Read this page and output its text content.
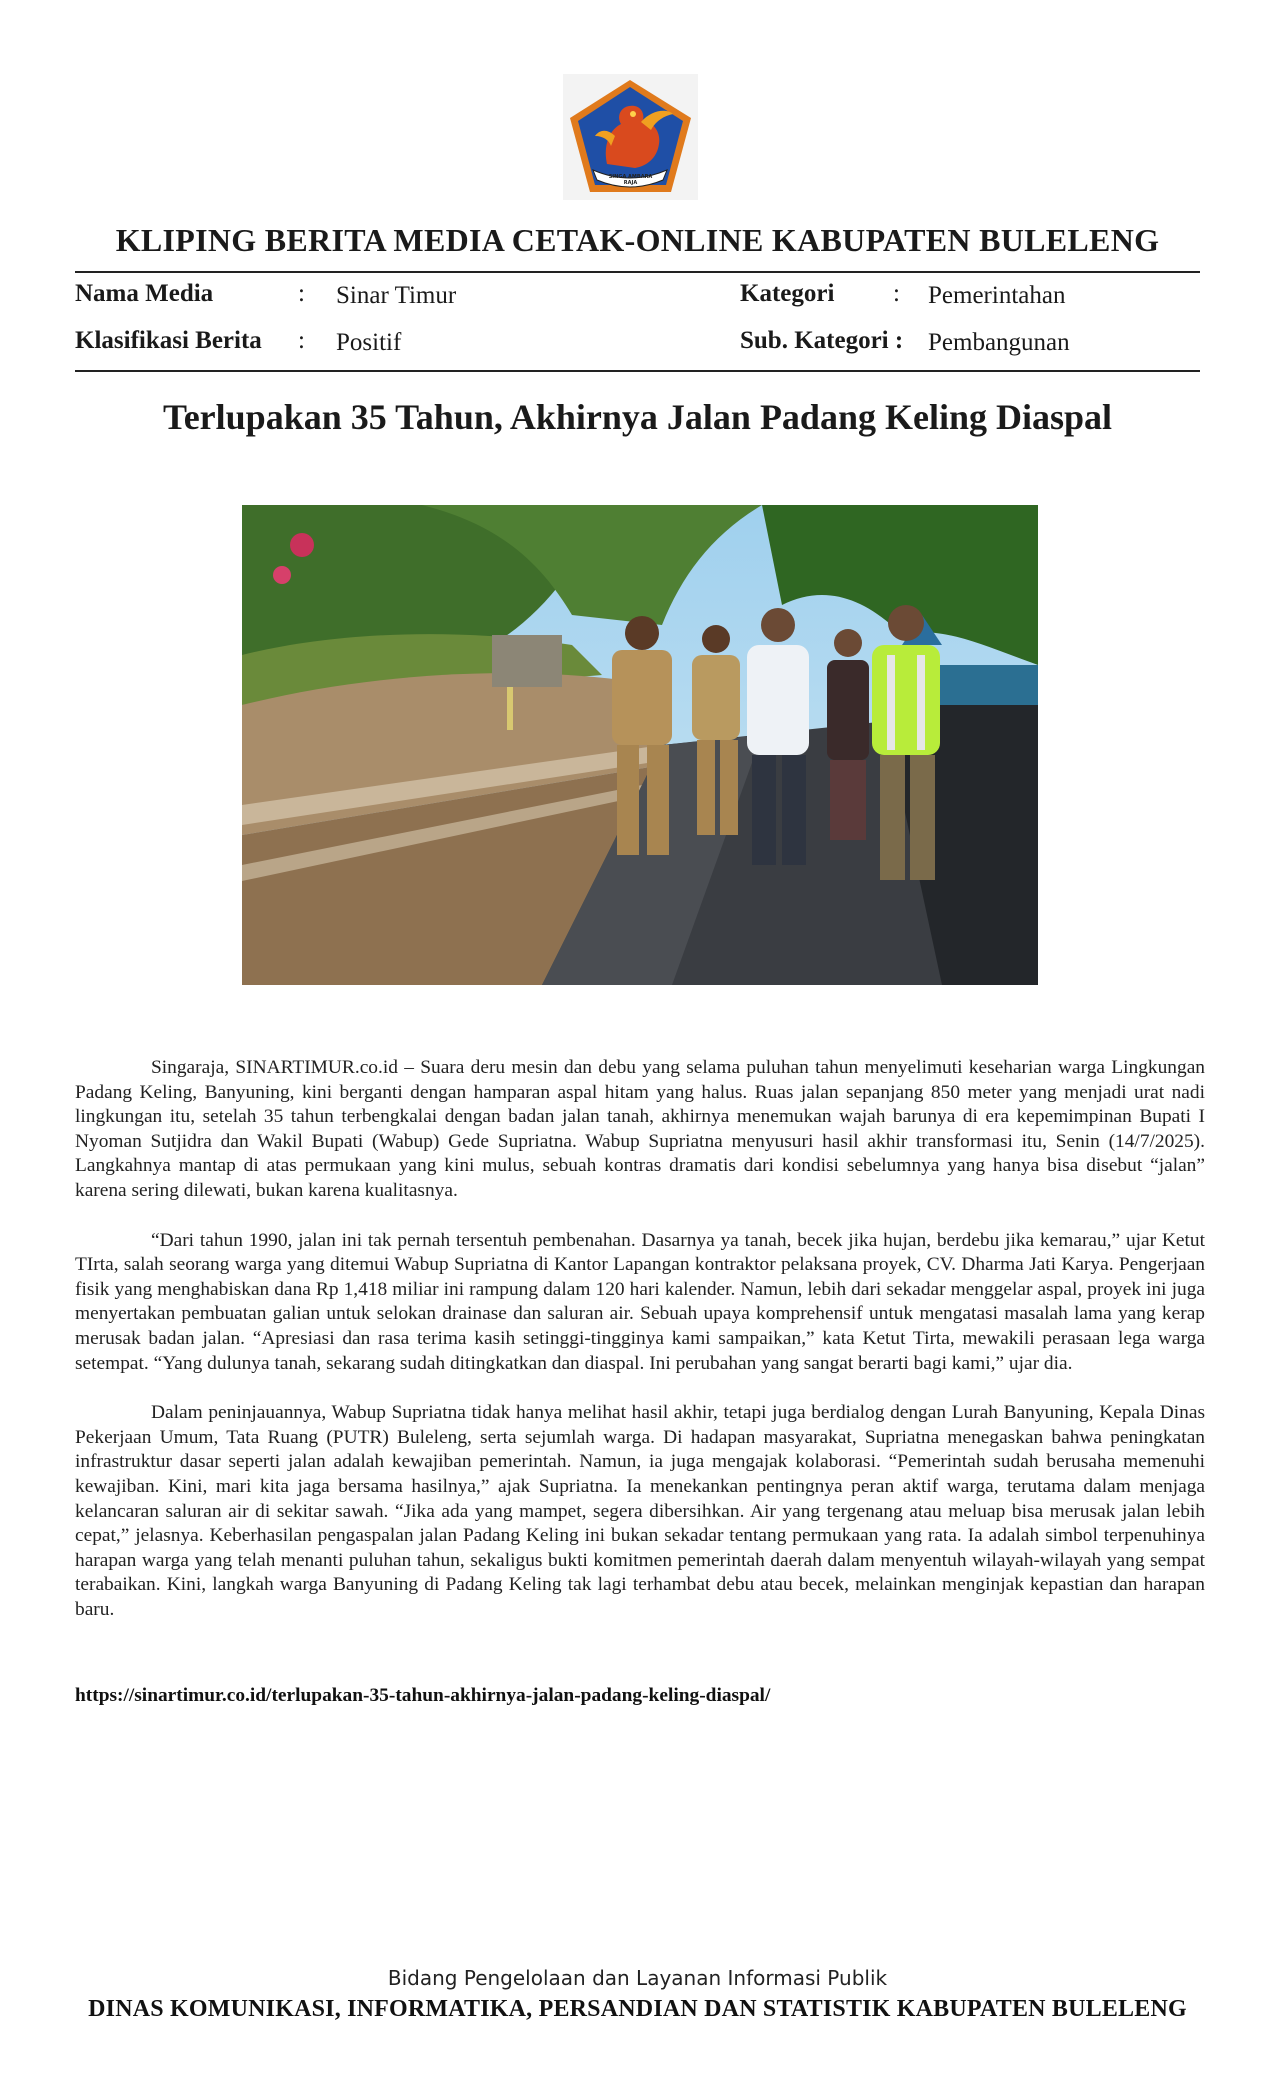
SINGA AMBARA RAJA
KLIPING BERITA MEDIA CETAK-ONLINE KABUPATEN BULELENG
Nama Media	: Sinar Timur
Klasifikasi Berita : Positif
Kategori : Pemerintahan
Sub. Kategori : Pembangunan
Terlupakan 35 Tahun, Akhirnya Jalan Padang Keling Diaspal

Singaraja, SINARTIMUR.co.id – Suara deru mesin dan debu yang selama puluhan tahun menyelimuti keseharian warga Lingkungan Padang Keling, Banyuning, kini berganti dengan hamparan aspal hitam yang halus. Ruas jalan sepanjang 850 meter yang menjadi urat nadi lingkungan itu, setelah 35 tahun terbengkalai dengan badan jalan tanah, akhirnya menemukan wajah barunya di era kepemimpinan Bupati I Nyoman Sutjidra dan Wakil Bupati (Wabup) Gede Supriatna. Wabup Supriatna menyusuri hasil akhir transformasi itu, Senin (14/7/2025). Langkahnya mantap di atas permukaan yang kini mulus, sebuah kontras dramatis dari kondisi sebelumnya yang hanya bisa disebut “jalan” karena sering dilewati, bukan karena kualitasnya.

“Dari tahun 1990, jalan ini tak pernah tersentuh pembenahan. Dasarnya ya tanah, becek jika hujan, berdebu jika kemarau,” ujar Ketut TIrta, salah seorang warga yang ditemui Wabup Supriatna di Kantor Lapangan kontraktor pelaksana proyek, CV. Dharma Jati Karya. Pengerjaan fisik yang menghabiskan dana Rp 1,418 miliar ini rampung dalam 120 hari kalender. Namun, lebih dari sekadar menggelar aspal, proyek ini juga menyertakan pembuatan galian untuk selokan drainase dan saluran air. Sebuah upaya komprehensif untuk mengatasi masalah lama yang kerap merusak badan jalan. “Apresiasi dan rasa terima kasih setinggi-tingginya kami sampaikan,” kata Ketut Tirta, mewakili perasaan lega warga setempat. “Yang dulunya tanah, sekarang sudah ditingkatkan dan diaspal. Ini perubahan yang sangat berarti bagi kami,” ujar dia.

Dalam peninjauannya, Wabup Supriatna tidak hanya melihat hasil akhir, tetapi juga berdialog dengan Lurah Banyuning, Kepala Dinas Pekerjaan Umum, Tata Ruang (PUTR) Buleleng, serta sejumlah warga. Di hadapan masyarakat, Supriatna menegaskan bahwa peningkatan infrastruktur dasar seperti jalan adalah kewajiban pemerintah. Namun, ia juga mengajak kolaborasi. “Pemerintah sudah berusaha memenuhi kewajiban. Kini, mari kita jaga bersama hasilnya,” ajak Supriatna. Ia menekankan pentingnya peran aktif warga, terutama dalam menjaga kelancaran saluran air di sekitar sawah. “Jika ada yang mampet, segera dibersihkan. Air yang tergenang atau meluap bisa merusak jalan lebih cepat,” jelasnya. Keberhasilan pengaspalan jalan Padang Keling ini bukan sekadar tentang permukaan yang rata. Ia adalah simbol terpenuhinya harapan warga yang telah menanti puluhan tahun, sekaligus bukti komitmen pemerintah daerah dalam menyentuh wilayah-wilayah yang sempat terabaikan. Kini, langkah warga Banyuning di Padang Keling tak lagi terhambat debu atau becek, melainkan menginjak kepastian dan harapan baru.

https://sinartimur.co.id/terlupakan-35-tahun-akhirnya-jalan-padang-keling-diaspal/
Bidang Pengelolaan dan Layanan Informasi Publik
DINAS KOMUNIKASI, INFORMATIKA, PERSANDIAN DAN STATISTIK KABUPATEN BULELENG
